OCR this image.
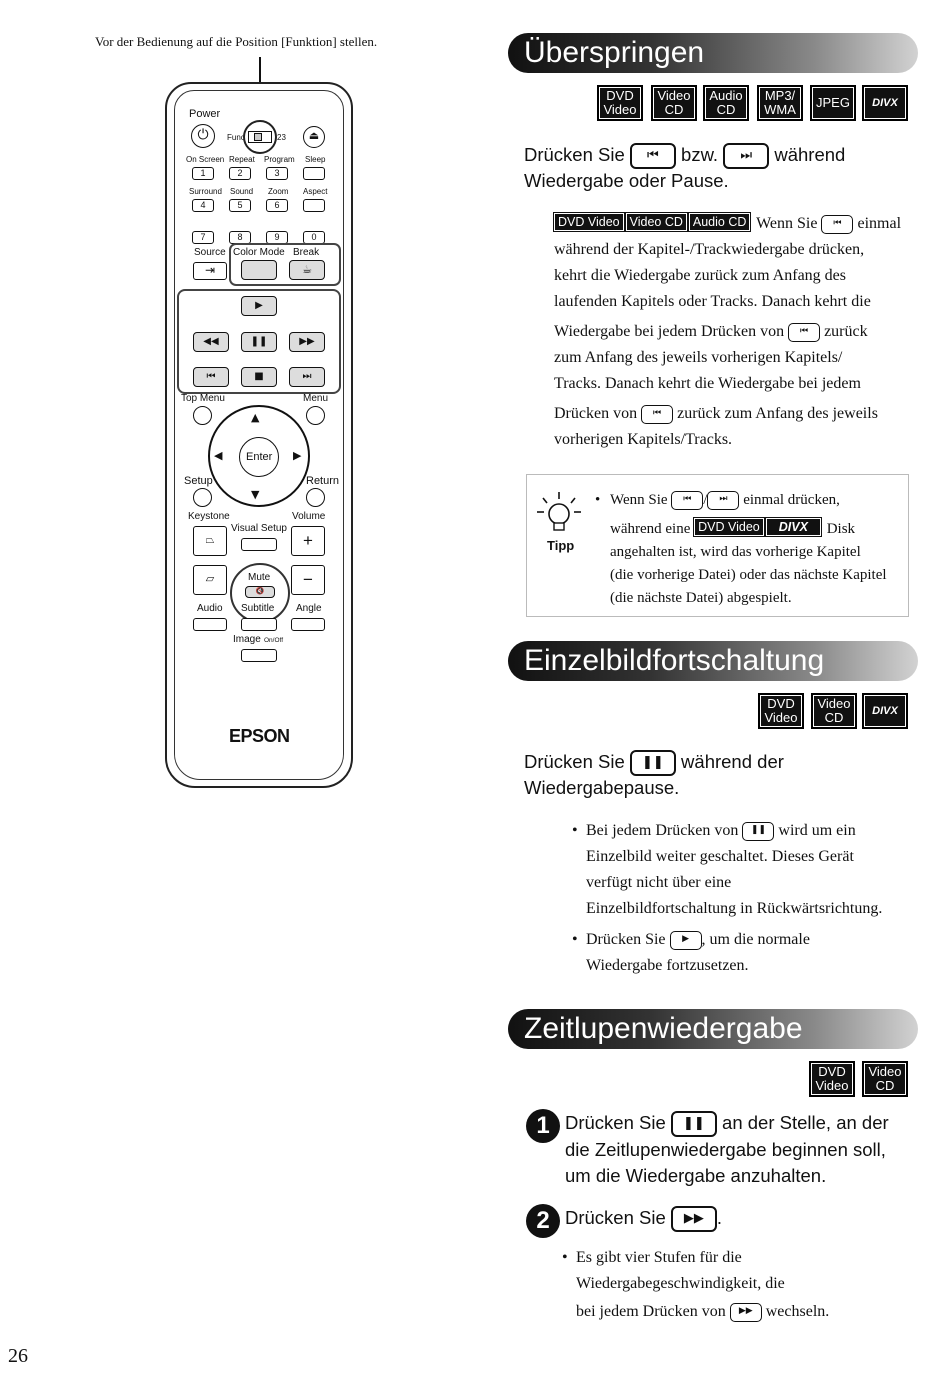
Vor der Bedienung auf die Position [Funktion] stellen.
Power
⏻	Func	23	⏏
On Screen Repeat Program Sleep
1	2	3
Surround Sound Zoom Aspect
4	5	6
7	8	9	0
Source Color Mode Break
⇥	☕
▶
◀◀	❚❚	▶▶
⏮	■	⏭
Top Menu	Menu
▲
▼
◀	▶
Enter
Setup	Return
Keystone
Visual Setup
Volume
⏢	+
⏥	−
Mute
🔇
Audio Subtitle Angle
Image On/Off
EPSON
26
Überspringen
DVD
Video
Video
CD
Audio
CD
MP3/
WMA JPEG DIVX
Drücken Sie ⏮ bzw. ⏭ während
Wiedergabe oder Pause.
DVD Video Video CD Audio CD Wenn Sie ⏮ einmal
während der Kapitel-/Trackwiedergabe drücken,
kehrt die Wiedergabe zurück zum Anfang des
laufenden Kapitels oder Tracks. Danach kehrt die
Wiedergabe bei jedem Drücken von ⏮ zurück
zum Anfang des jeweils vorherigen Kapitels/
Tracks. Danach kehrt die Wiedergabe bei jedem
Drücken von ⏮ zurück zum Anfang des jeweils
vorherigen Kapitels/Tracks.
Tipp
• Wenn Sie ⏮ / ⏭ einmal drücken,
während eine DVD Video DIVX Disk
angehalten ist, wird das vorherige Kapitel
(die vorherige Datei) oder das nächste Kapitel
(die nächste Datei) abgespielt.
Einzelbildfortschaltung
DVD
Video
Video
CD	DIVX
Drücken Sie ❚❚ während der
Wiedergabepause.
• Bei jedem Drücken von ❚❚ wird um ein
Einzelbild weiter geschaltet. Dieses Gerät
verfügt nicht über eine
Einzelbildfortschaltung in Rückwärtsrichtung.
• Drücken Sie ▶ , um die normale
Wiedergabe fortzusetzen.
Zeitlupenwiedergabe
DVD
Video
Video
CD
1 Drücken Sie ❚❚ an der Stelle, an der
die Zeitlupenwiedergabe beginnen soll,
um die Wiedergabe anzuhalten.
2 Drücken Sie ▶▶ .
• Es gibt vier Stufen für die
Wiedergabegeschwindigkeit, die
bei jedem Drücken von ▶▶ wechseln.
